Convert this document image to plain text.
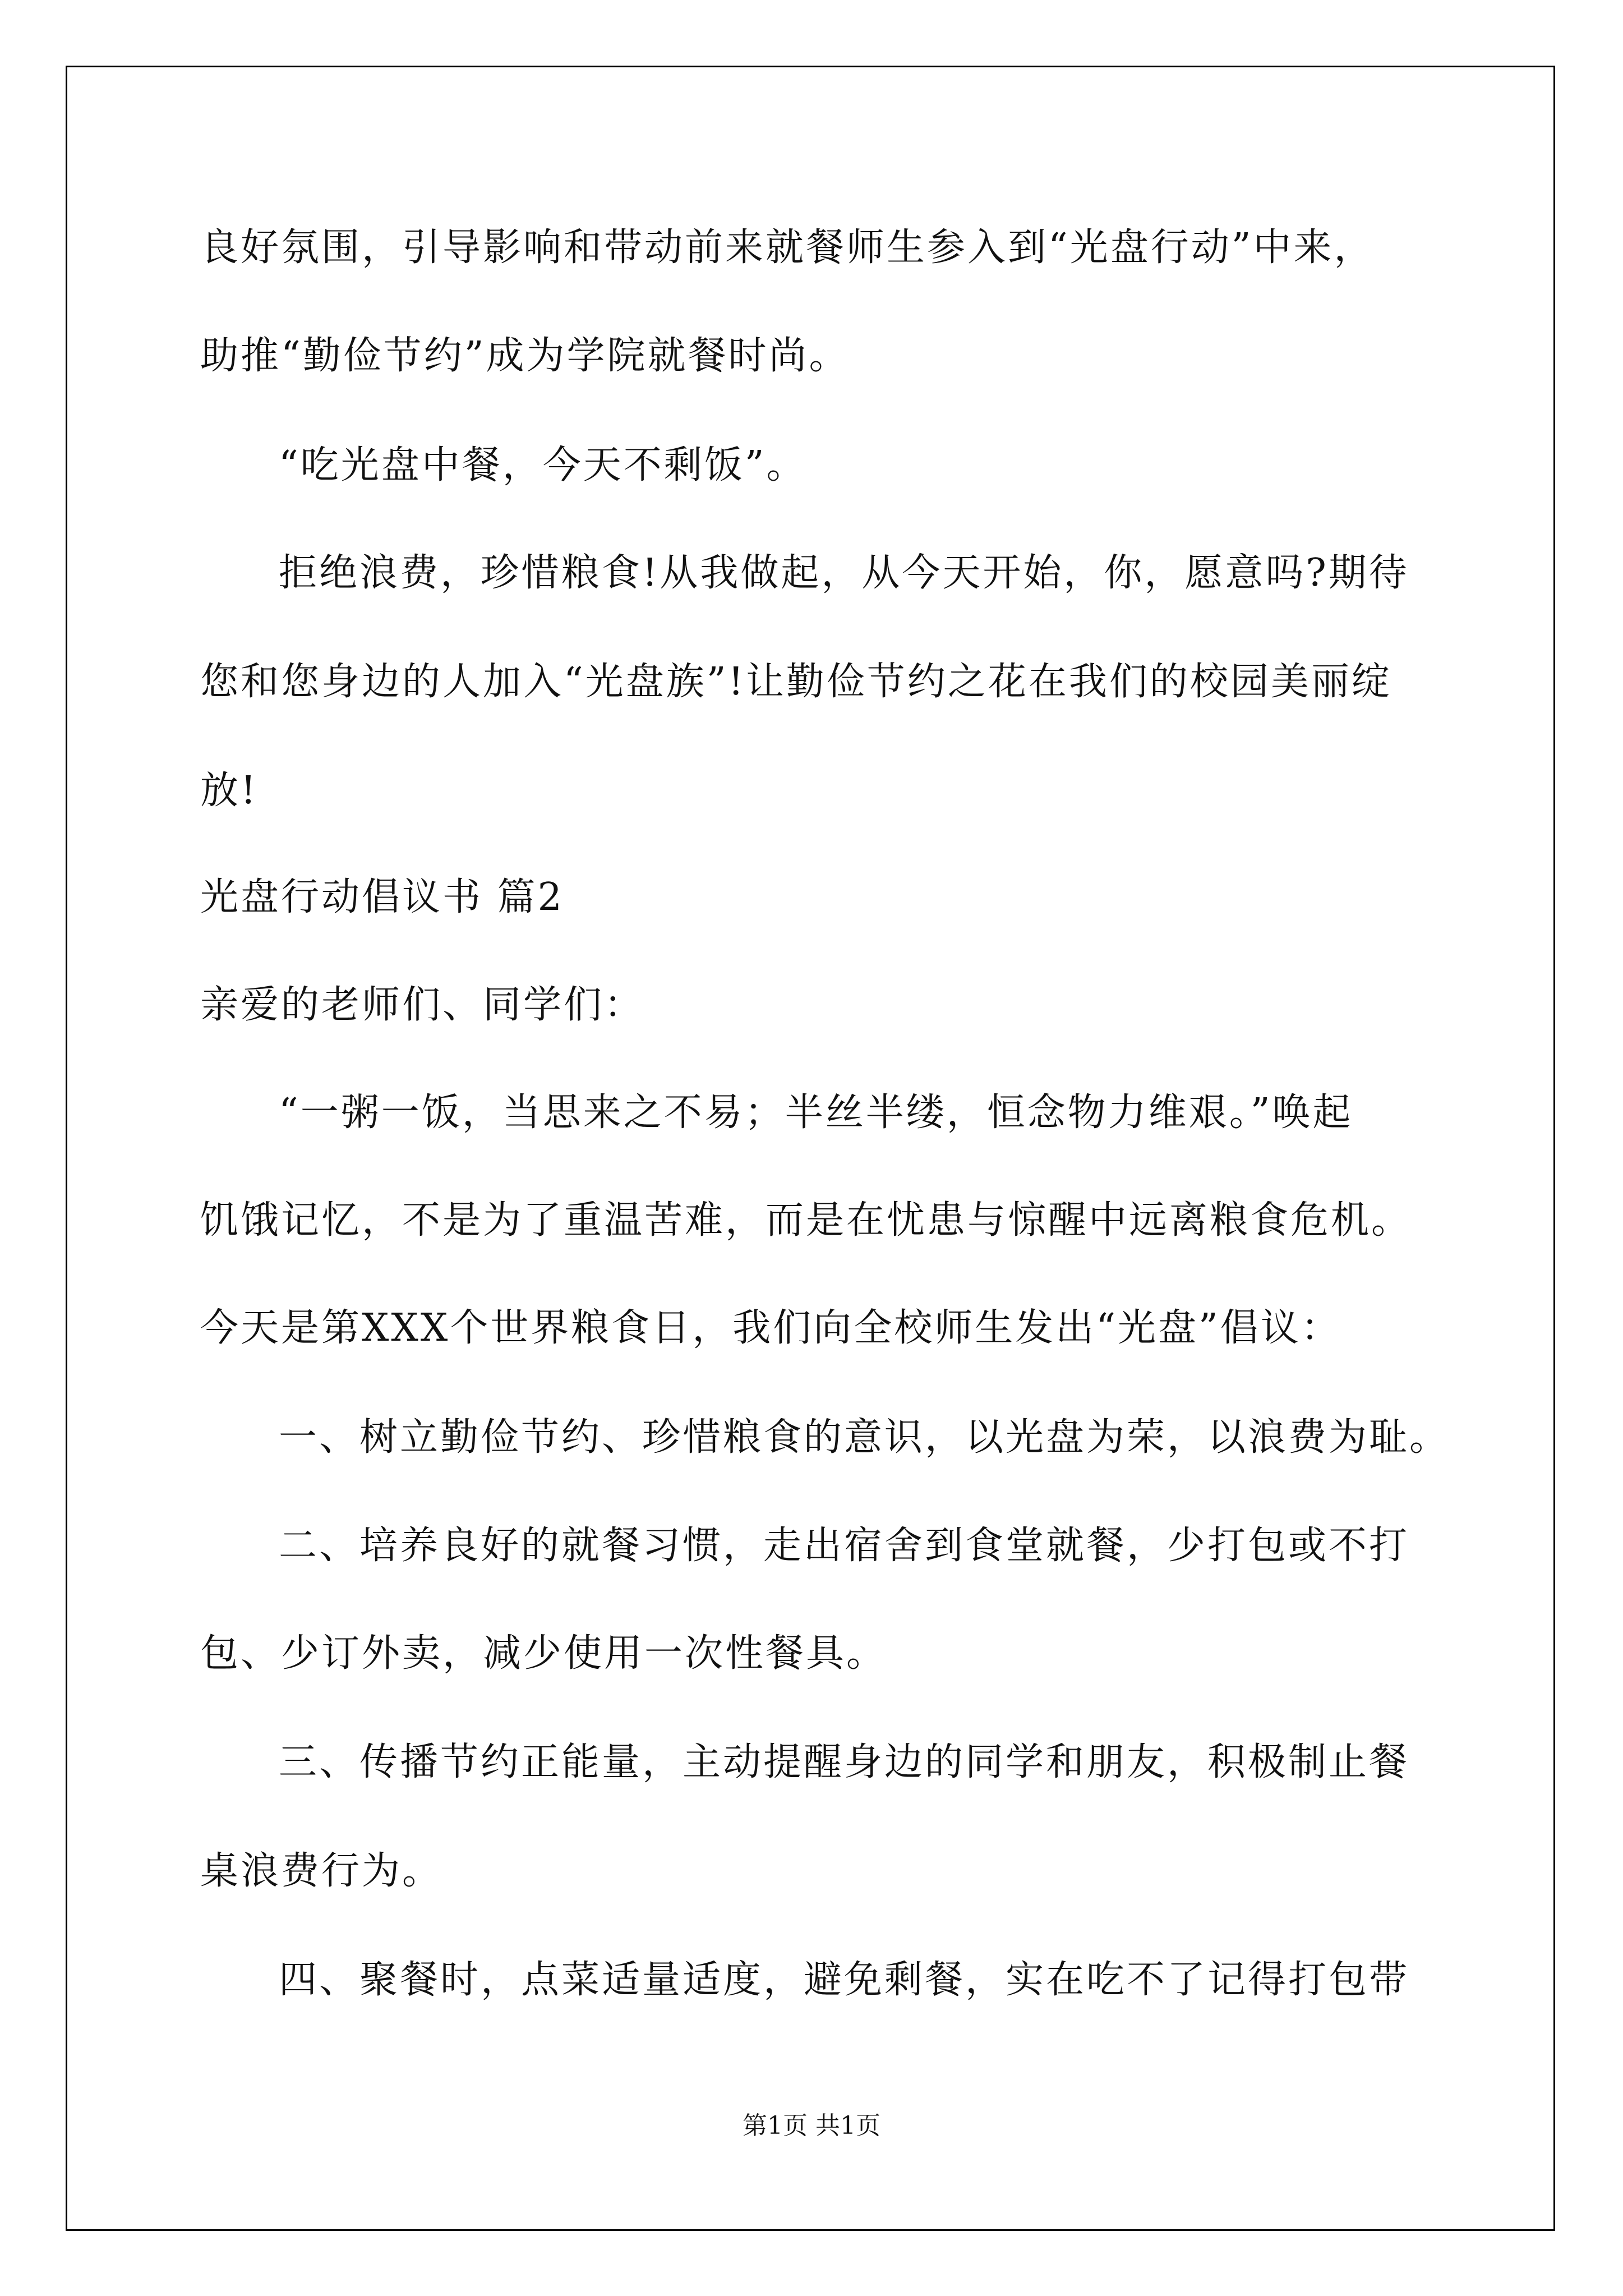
良好氛围，引导影响和带动前来就餐师生参入到“光盘行动”中来，
助推“勤俭节约”成为学院就餐时尚。
“吃光盘中餐，今天不剩饭”。
拒绝浪费，珍惜粮食!从我做起，从今天开始，你，愿意吗?期待
您和您身边的人加入“光盘族”!让勤俭节约之花在我们的校园美丽绽
放!
光盘行动倡议书 篇2
亲爱的老师们、同学们：
“一粥一饭，当思来之不易；半丝半缕，恒念物力维艰。”唤起
饥饿记忆，不是为了重温苦难，而是在忧患与惊醒中远离粮食危机。
今天是第XXX个世界粮食日，我们向全校师生发出“光盘”倡议：
一、树立勤俭节约、珍惜粮食的意识，以光盘为荣，以浪费为耻。
二、培养良好的就餐习惯，走出宿舍到食堂就餐，少打包或不打
包、少订外卖，减少使用一次性餐具。
三、传播节约正能量，主动提醒身边的同学和朋友，积极制止餐
桌浪费行为。
四、聚餐时，点菜适量适度，避免剩餐，实在吃不了记得打包带
第1页 共1页
